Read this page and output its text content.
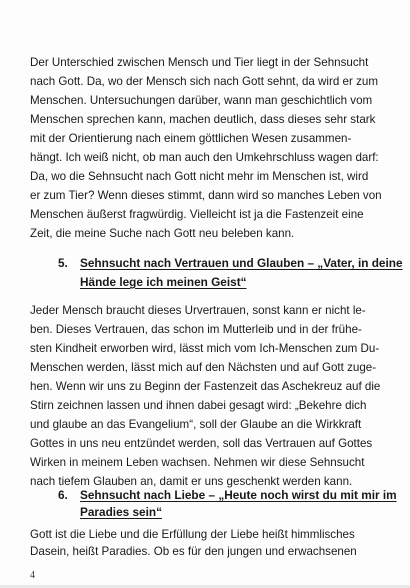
Der Unterschied zwischen Mensch und Tier liegt in der Sehnsucht

nach Gott. Da, wo der Mensch sich nach Gott sehnt, da wird er zum

Menschen. Untersuchungen darüber, wann man geschichtlich vom

Menschen sprechen kann, machen deutlich, dass dieses sehr stark

mit der Orientierung nach einem göttlichen Wesen zusammen-

hängt. Ich weiß nicht, ob man auch den Umkehrschluss wagen darf:

Da, wo die Sehnsucht nach Gott nicht mehr im Menschen ist, wird

er zum Tier? Wenn dieses stimmt, dann wird so manches Leben von

Menschen äußerst fragwürdig. Vielleicht ist ja die Fastenzeit eine

Zeit, die meine Suche nach Gott neu beleben kann.

5. Sehnsucht nach Vertrauen und Glauben – „Vater, in deine

Hände lege ich meinen Geist“

Jeder Mensch braucht dieses Urvertrauen, sonst kann er nicht le-

ben. Dieses Vertrauen, das schon im Mutterleib und in der frühe-

sten Kindheit erworben wird, lässt mich vom Ich-Menschen zum Du-

Menschen werden, lässt mich auf den Nächsten und auf Gott zuge-

hen. Wenn wir uns zu Beginn der Fastenzeit das Aschekreuz auf die

Stirn zeichnen lassen und ihnen dabei gesagt wird: „Bekehre dich

und glaube an das Evangelium“, soll der Glaube an die Wirkkraft

Gottes in uns neu entzündet werden, soll das Vertrauen auf Gottes

Wirken in meinem Leben wachsen. Nehmen wir diese Sehnsucht

nach tiefem Glauben an, damit er uns geschenkt werden kann.

6. Sehnsucht nach Liebe – „Heute noch wirst du mit mir im

Paradies sein“

4

Gott ist die Liebe und die Erfüllung der Liebe heißt himmlisches

Dasein, heißt Paradies. Ob es für den jungen und erwachsenen
